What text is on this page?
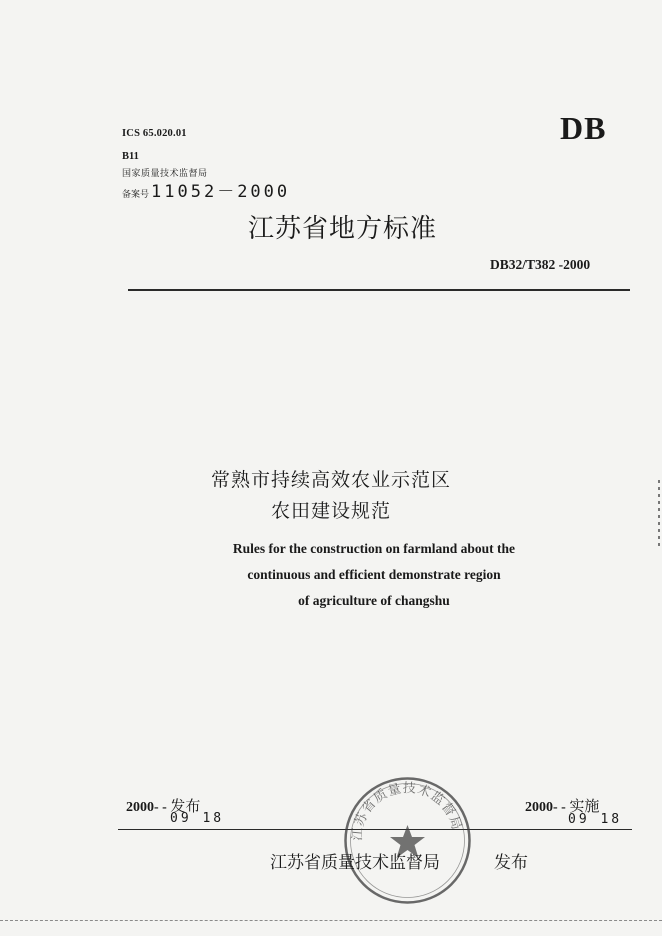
ICS 65.020.01
B11
国家质量技术监督局
备案号 11052－2000
DB
江苏省地方标准
DB32/T382 -2000
常熟市持续高效农业示范区
农田建设规范
Rules for the construction on farmland about the
continuous and efficient demonstrate region
of agriculture of changshu
2000- - 发布
09 18
2000- - 实施
09 18
江苏省质量技术监督局
江苏省质量技术监督局	发布
